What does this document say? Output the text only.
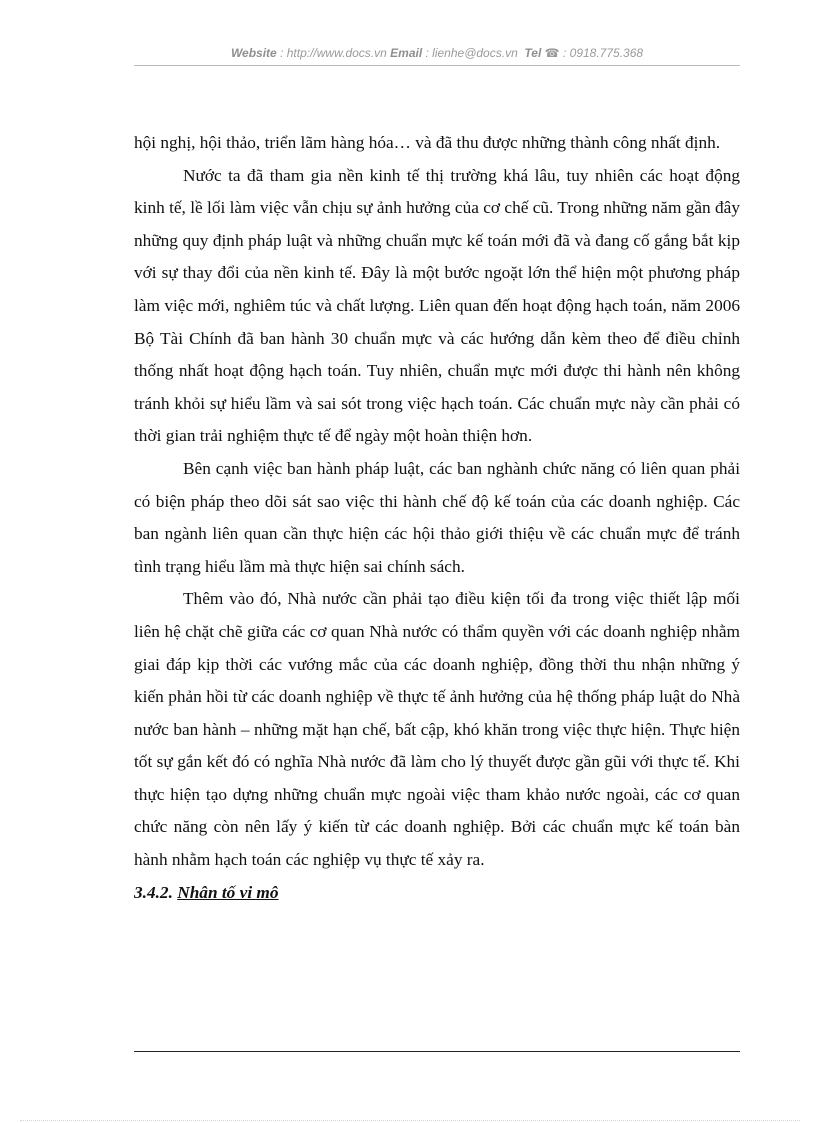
Website : http://www.docs.vn Email : lienhe@docs.vn Tel ☎ : 0918.775.368

hội nghị, hội thảo, triển lãm hàng hóa… và đã thu được những thành công nhất định.

Nước ta đã tham gia nền kinh tế thị trường khá lâu, tuy nhiên các hoạt động kinh tế, lề lối làm việc vẫn chịu sự ảnh hưởng của cơ chế cũ. Trong những năm gần đây những quy định pháp luật và những chuẩn mực kế toán mới đã và đang cố gắng bắt kịp với sự thay đổi của nền kinh tế. Đây là một bước ngoặt lớn thể hiện một phương pháp làm việc mới, nghiêm túc và chất lượng. Liên quan đến hoạt động hạch toán, năm 2006 Bộ Tài Chính đã ban hành 30 chuẩn mực và các hướng dẫn kèm theo để điều chỉnh thống nhất hoạt động hạch toán. Tuy nhiên, chuẩn mực mới được thi hành nên không tránh khỏi sự hiểu lầm và sai sót trong việc hạch toán. Các chuẩn mực này cần phải có thời gian trải nghiệm thực tế để ngày một hoàn thiện hơn.

Bên cạnh việc ban hành pháp luật, các ban nghành chức năng có liên quan phải có biện pháp theo dõi sát sao việc thi hành chế độ kế toán của các doanh nghiệp. Các ban ngành liên quan cần thực hiện các hội thảo giới thiệu về các chuẩn mực để tránh tình trạng hiểu lầm mà thực hiện sai chính sách.

Thêm vào đó, Nhà nước cần phải tạo điều kiện tối đa trong việc thiết lập mối liên hệ chặt chẽ giữa các cơ quan Nhà nước có thẩm quyền với các doanh nghiệp nhằm giai đáp kịp thời các vướng mắc của các doanh nghiệp, đồng thời thu nhận những ý kiến phản hồi từ các doanh nghiệp về thực tế ảnh hưởng của hệ thống pháp luật do Nhà nước ban hành – những mặt hạn chế, bất cập, khó khăn trong việc thực hiện. Thực hiện tốt sự gắn kết đó có nghĩa Nhà nước đã làm cho lý thuyết được gần gũi với thực tế. Khi thực hiện tạo dựng những chuẩn mực ngoài việc tham khảo nước ngoài, các cơ quan chức năng còn nên lấy ý kiến từ các doanh nghiệp. Bởi các chuẩn mực kế toán bàn hành nhằm hạch toán các nghiệp vụ thực tế xảy ra.

3.4.2. Nhân tố vi mô
